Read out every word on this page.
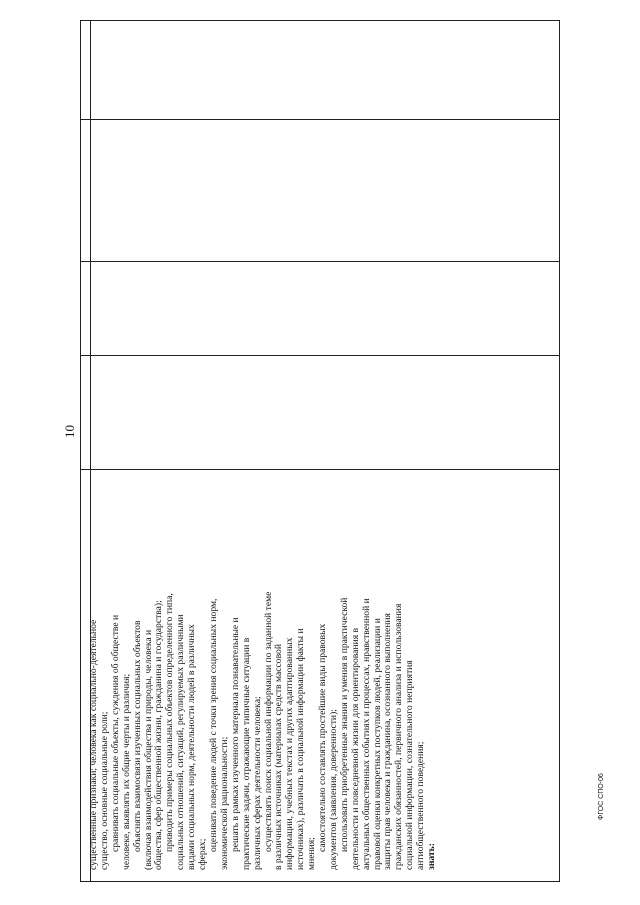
10

существенные признаки; человека как социально-деятельное существо, основные социальные роли; сравнивать социальные объекты, суждения об обществе и человеке, выявлять их общие черты и различия; объяснять взаимосвязи изученных социальных объектов (включая взаимодействия общества и природы, человека и общества, сфер общественной жизни, гражданина и государства); приводить примеры социальных объектов определенного типа, социальных отношений, ситуаций, регулируемых различными видами социальных норм, деятельности людей в различных сферах;

оценивать поведение людей с точки зрения социальных норм, экономической рациональности; решать в рамках изученного материала познавательные и практические задачи, отражающие типичные ситуации в различных сферах деятельности человека; осуществлять поиск социальной информации по заданной теме в различных источниках (материалах средств массовой информации, учебных текстах и других адаптированных источниках), различать в социальной информации факты и мнения;

самостоятельно составлять простейшие виды правовых документов (заявления, доверенности); использовать приобретенные знания и умения в практической деятельности и повседневной жизни для ориентирования в актуальных общественных событиях и процессах, нравственной и правовой оценки конкретных поступков людей, реализации и защиты прав человека и гражданина, осознанного выполнения гражданских обязанностей, первичного анализа и использования социальной информации, сознательного неприятия антиобщественного поведения; знать:

ФГОС СПО-06
